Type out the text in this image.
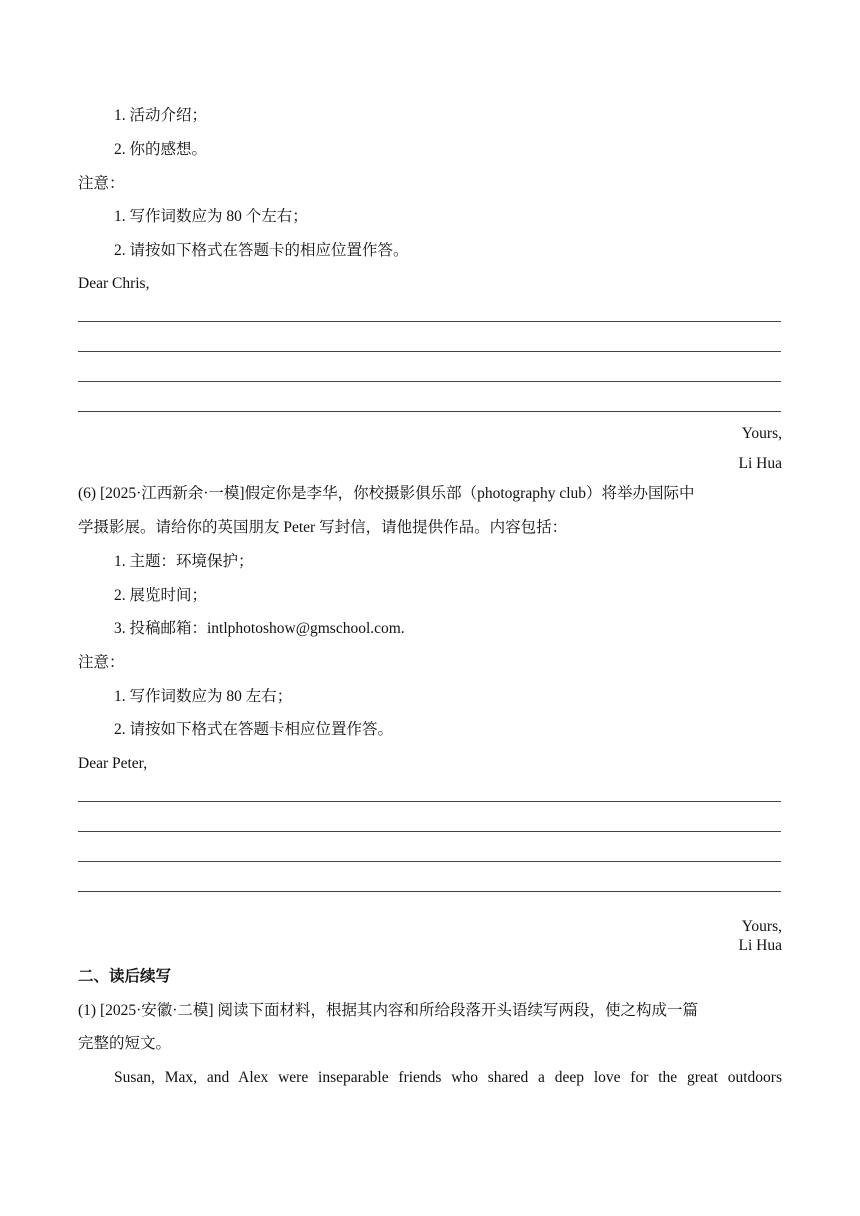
1. 活动介绍；
2. 你的感想。
注意：
1. 写作词数应为 80 个左右；
2. 请按如下格式在答题卡的相应位置作答。
Dear Chris,
Yours,
Li Hua
(6) [2025·江西新余·一模]假定你是李华，你校摄影俱乐部（photography club）将举办国际中
学摄影展。请给你的英国朋友 Peter 写封信，请他提供作品。内容包括：
1. 主题：环境保护；
2. 展览时间；
3. 投稿邮箱：intlphotoshow@gmschool.com.
注意：
1. 写作词数应为 80 左右；
2. 请按如下格式在答题卡相应位置作答。
Dear Peter,
Yours,
Li Hua
二、读后续写
(1) [2025·安徽·二模] 阅读下面材料，根据其内容和所给段落开头语续写两段，使之构成一篇
完整的短文。
Susan, Max, and Alex were inseparable friends who shared a deep love for the great outdoors
